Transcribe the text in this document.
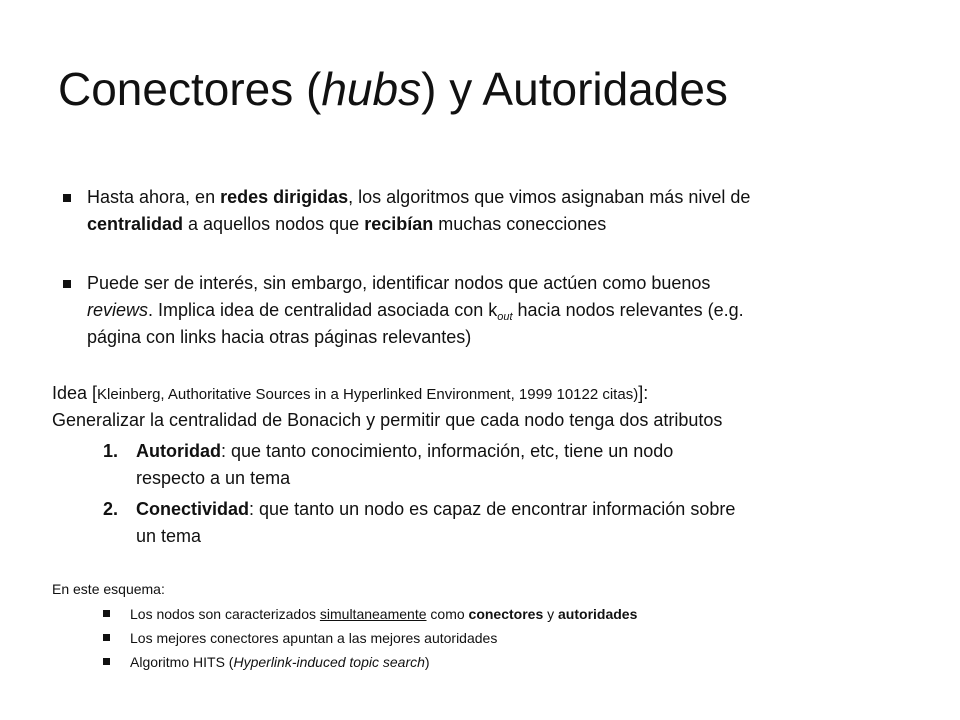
Conectores (hubs) y Autoridades
Hasta ahora, en redes dirigidas, los algoritmos que vimos asignaban más nivel de
centralidad a aquellos nodos que recibían muchas conecciones
Puede ser de interés, sin embargo, identificar nodos que actúen como buenos
reviews. Implica idea de centralidad asociada con $k_{out}$ hacia nodos relevantes (e.g.
página con links hacia otras páginas relevantes)
Idea [Kleinberg, Authoritative Sources in a Hyperlinked Environment, 1999 10122 citas)]:
Generalizar la centralidad de Bonacich y permitir que cada nodo tenga dos atributos
1. Autoridad: que tanto conocimiento, información, etc, tiene un nodo
respecto a un tema
2. Conectividad: que tanto un nodo es capaz de encontrar información sobre
un tema
En este esquema:
Los nodos son caracterizados simultaneamente como conectores y autoridades
Los mejores conectores apuntan a las mejores autoridades
Algoritmo HITS (Hyperlink-induced topic search)
